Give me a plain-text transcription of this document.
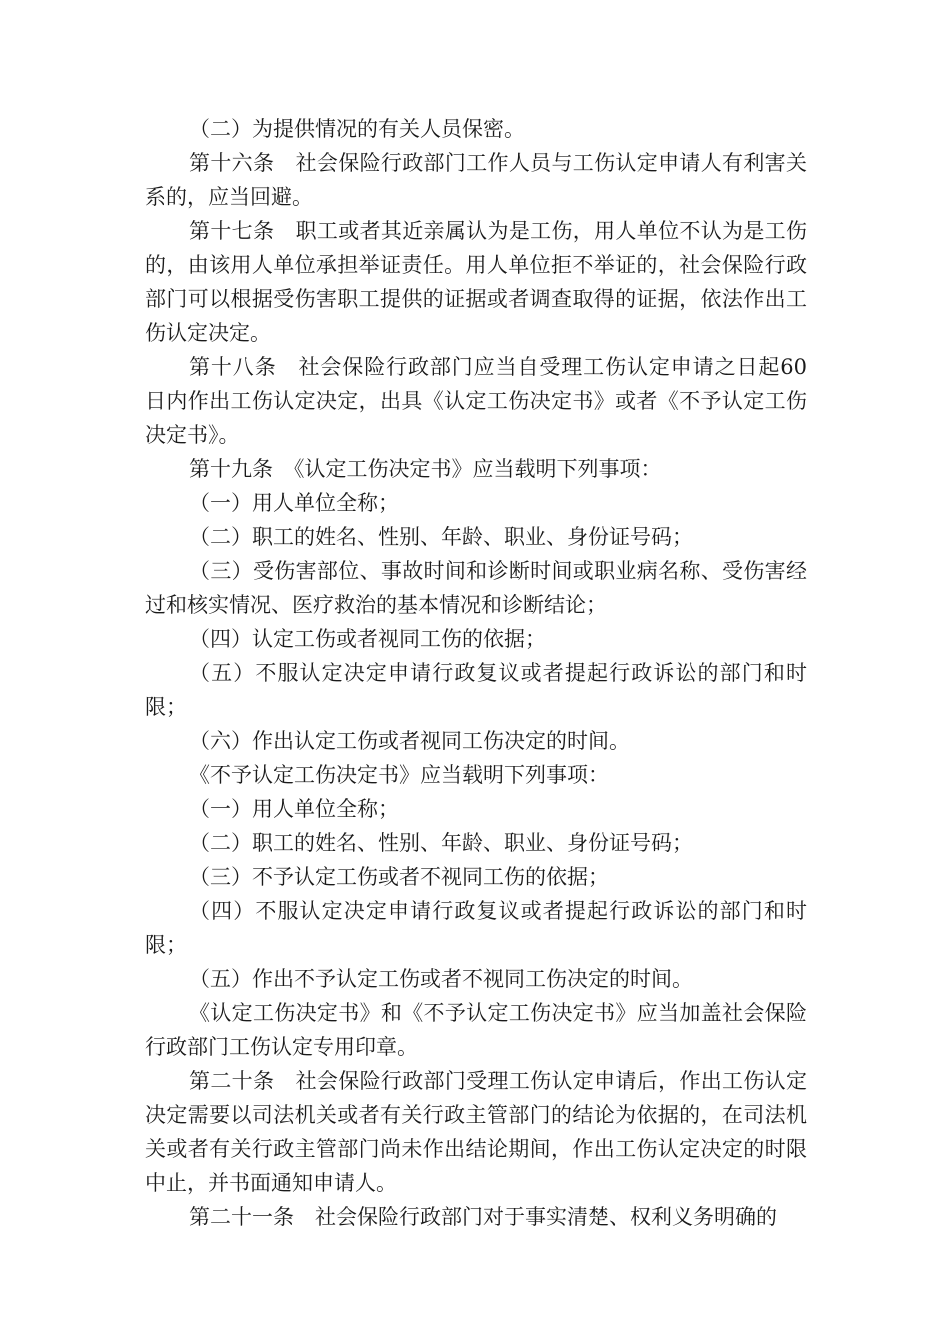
（二）为提供情况的有关人员保密。

第十六条　社会保险行政部门工作人员与工伤认定申请人有利害关系的，应当回避。

第十七条　职工或者其近亲属认为是工伤，用人单位不认为是工伤的，由该用人单位承担举证责任。用人单位拒不举证的，社会保险行政部门可以根据受伤害职工提供的证据或者调查取得的证据，依法作出工伤认定决定。

第十八条　社会保险行政部门应当自受理工伤认定申请之日起60 日内作出工伤认定决定，出具《认定工伤决定书》或者《不予认定工伤决定书》。

第十九条　《认定工伤决定书》应当载明下列事项：

（一）用人单位全称；

（二）职工的姓名、性别、年龄、职业、身份证号码；

（三）受伤害部位、事故时间和诊断时间或职业病名称、受伤害经过和核实情况、医疗救治的基本情况和诊断结论；

（四）认定工伤或者视同工伤的依据；

（五）不服认定决定申请行政复议或者提起行政诉讼的部门和时限；

（六）作出认定工伤或者视同工伤决定的时间。

《不予认定工伤决定书》应当载明下列事项：

（一）用人单位全称；

（二）职工的姓名、性别、年龄、职业、身份证号码；

（三）不予认定工伤或者不视同工伤的依据；

（四）不服认定决定申请行政复议或者提起行政诉讼的部门和时限；

（五）作出不予认定工伤或者不视同工伤决定的时间。

《认定工伤决定书》和《不予认定工伤决定书》应当加盖社会保险行政部门工伤认定专用印章。

第二十条　社会保险行政部门受理工伤认定申请后，作出工伤认定决定需要以司法机关或者有关行政主管部门的结论为依据的，在司法机关或者有关行政主管部门尚未作出结论期间，作出工伤认定决定的时限中止，并书面通知申请人。

第二十一条　社会保险行政部门对于事实清楚、权利义务明确的
